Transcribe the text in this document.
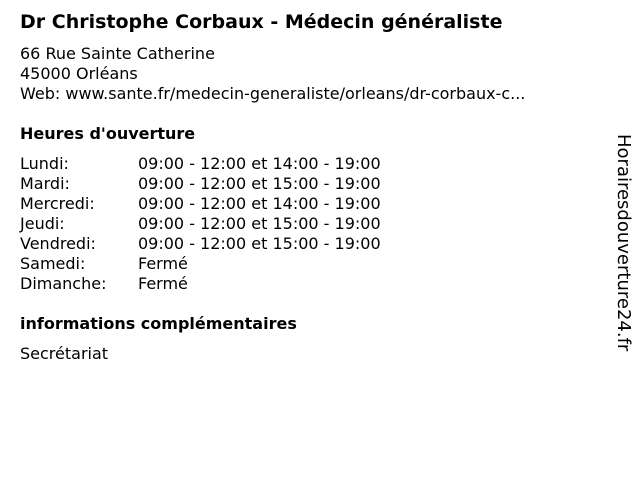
Dr Christophe Corbaux - Médecin généraliste
66 Rue Sainte Catherine
45000 Orléans
Web: www.sante.fr/medecin-generaliste/orleans/dr-corbaux-c...
Heures d'ouverture
Lundi:	09:00 - 12:00 et 14:00 - 19:00
Mardi:	09:00 - 12:00 et 15:00 - 19:00
Mercredi:	09:00 - 12:00 et 14:00 - 19:00
Jeudi:	09:00 - 12:00 et 15:00 - 19:00
Vendredi:	09:00 - 12:00 et 15:00 - 19:00
Samedi:	Fermé
Dimanche:	Fermé
informations complémentaires
Secrétariat
Horairesdouverture24.fr
